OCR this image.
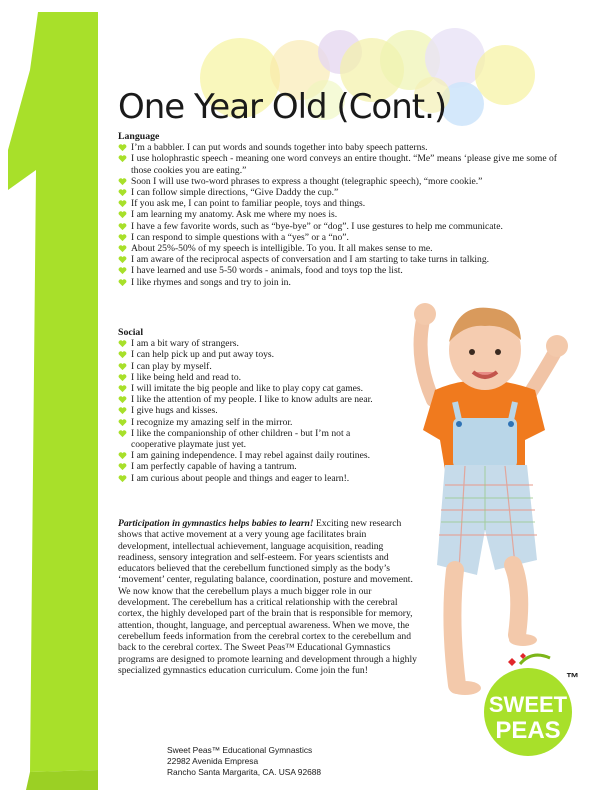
One Year Old (Cont.)
Language
I’m a babbler. I can put words and sounds together into baby speech patterns.
I use holophrastic speech - meaning one word conveys an entire thought. “Me” means ‘please give me some of those cookies you are eating.”
Soon I will use two-word phrases to express a thought (telegraphic speech), “more cookie.”
I can follow simple directions, “Give Daddy the cup.”
If you ask me, I can point to familiar people, toys and things.
I am learning my anatomy. Ask me where my noes is.
I have a few favorite words, such as “bye-bye” or “dog”. I use gestures to help me communicate.
I can respond to simple questions with a “yes” or a “no”.
About 25%-50% of my speech is intelligible. To you. It all makes sense to me.
I am aware of the reciprocal aspects of conversation and I am starting to take turns in talking.
I have learned and use 5-50 words - animals, food and toys top the list.
I like rhymes and songs and try to join in.
Social
I am a bit wary of strangers.
I can help pick up and put away toys.
I can play by myself.
I like being held and read to.
I will imitate the big people and like to play copy cat games.
I like the attention of my people. I like to know adults are near.
I give hugs and kisses.
I recognize my amazing self in the mirror.
I like the companionship of other children - but I’m not a cooperative playmate just yet.
I am gaining independence. I may rebel against daily routines.
I am perfectly capable of having a tantrum.
I am curious about people and things and eager to learn!.

Participation in gymnastics helps babies to learn! Exciting new research shows that active movement at a very young age facilitates brain development, intellectual achievement, language acquisition, reading readiness, sensory integration and self-esteem. For years scientists and educators believed that the cerebellum functioned simply as the body’s ‘movement’ center, regulating balance, coordination, posture and movement. We now know that the cerebellum plays a much bigger role in our development. The cerebellum has a critical relationship with the cerebral cortex, the highly developed part of the brain that is responsible for memory, attention, thought, language, and perceptual awareness. When we move, the cerebellum feeds information from the cerebral cortex to the cerebellum and back to the cerebral cortex. The Sweet Peas™ Educational Gymnastics programs are designed to promote learning and development through a highly specialized gymnastics education curriculum. Come join the fun!

SWEET
PEAS
™
Sweet Peas™ Educational Gymnastics
22982 Avenida Empresa
Rancho Santa Margarita, CA. USA 92688
